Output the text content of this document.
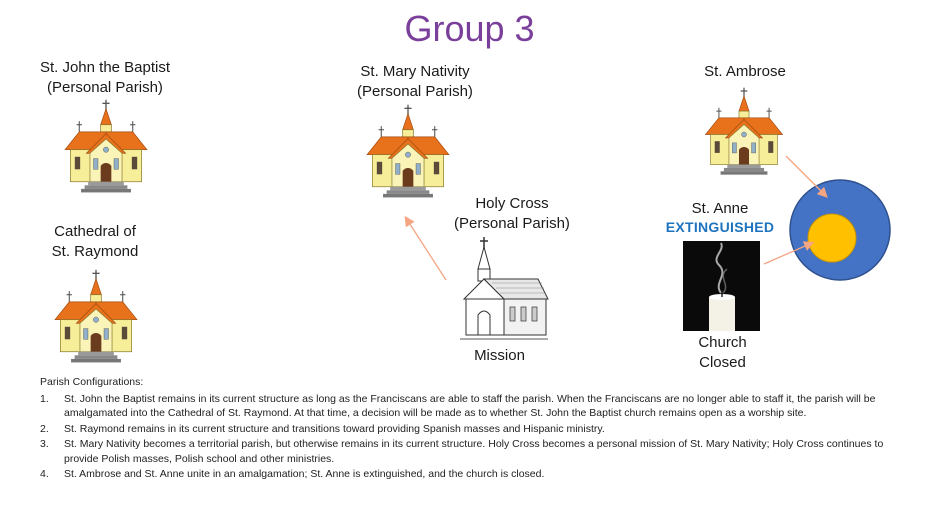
Group 3
St. John the Baptist
(Personal Parish)
Cathedral of
St. Raymond
St. Mary Nativity
(Personal Parish)
Holy Cross
(Personal Parish)
Mission
St. Ambrose
St. Anne
EXTINGUISHED
Church
Closed
Parish Configurations:
1. St. John the Baptist remains in its current structure as long as the Franciscans are able to staff the parish. When the Franciscans are no longer able to staff it, the parish will be amalgamated into the Cathedral of St. Raymond. At that time, a decision will be made as to whether St. John the Baptist church remains open as a worship site.
2. St. Raymond remains in its current structure and transitions toward providing Spanish masses and Hispanic ministry.
3. St. Mary Nativity becomes a territorial parish, but otherwise remains in its current structure. Holy Cross becomes a personal mission of St. Mary Nativity; Holy Cross continues to provide Polish masses, Polish school and other ministries.
4. St. Ambrose and St. Anne unite in an amalgamation; St. Anne is extinguished, and the church is closed.
